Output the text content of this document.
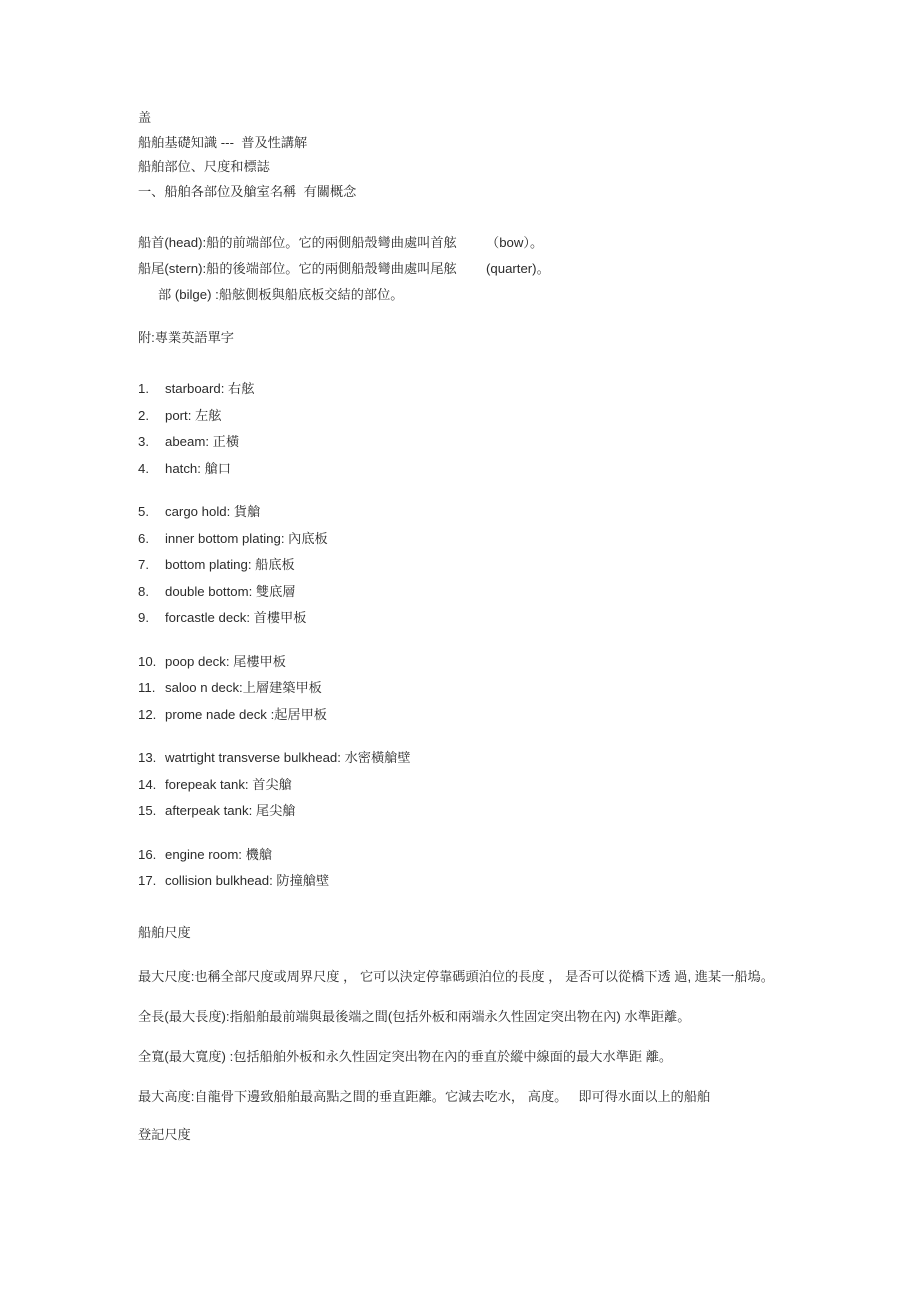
盖

船舶基礎知識 ---  普及性講解

船舶部位、尺度和標誌

一、船舶各部位及艙室名稱  有關概念

船首(head):船的前端部位。它的兩側船殼彎曲處叫首舷        （bow）。

船尾(stern):船的後端部位。它的兩側船殼彎曲處叫尾舷        (quarter)。

部 (bilge) :船舷側板與船底板交結的部位。

附:專業英語單字

1.	starboard: 右舷
2.	port: 左舷
3.	abeam: 正橫
4.	hatch: 艙口
5.	cargo hold: 貨艙
6.	inner bottom plating: 內底板
7.	bottom plating: 船底板
8.	double bottom: 雙底層
9.	forcastle deck: 首樓甲板
10. poop deck: 尾樓甲板
11. saloo n deck:上層建築甲板
12. prome nade deck :起居甲板
13. watrtight transverse bulkhead: 水密橫艙壁
14. forepeak tank: 首尖艙
15. afterpeak tank: 尾尖艙
16. engine room: 機艙
17. collision bulkhead: 防撞艙壁

船舶尺度

最大尺度:也稱全部尺度或周界尺度 ， 它可以決定停靠碼頭泊位的長度 ， 是否可以從橋下透 過, 進某一船塢。

全長(最大長度):指船舶最前端與最後端之間(包括外板和兩端永久性固定突出物在內) 水準距離。

全寬(最大寬度) :包括船舶外板和永久性固定突出物在內的垂直於縱中線面的最大水準距 離。

最大高度:自龍骨下邊致船舶最高點之間的垂直距離。它減去吃水， 高度。   即可得水面以上的船舶

登記尺度
